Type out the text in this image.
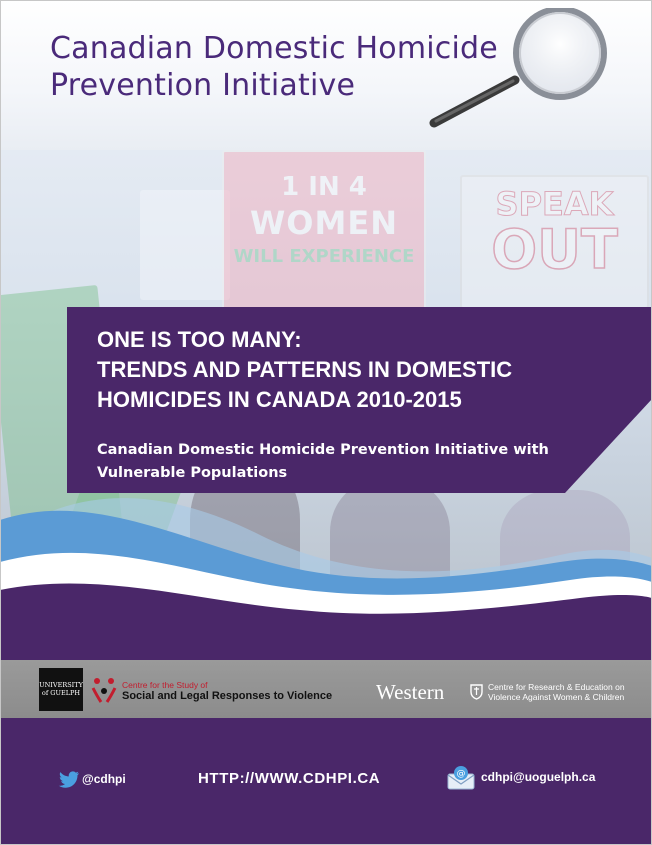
1 IN 4
WOMEN
WILL EXPERIENCE
SPEAK
OUT
Canadian Domestic Homicide
Prevention Initiative
ONE IS TOO MANY:
TRENDS AND PATTERNS IN DOMESTIC
HOMICIDES IN CANADA 2010-2015
Canadian Domestic Homicide Prevention Initiative with Vulnerable Populations
UNIVERSITY
of GUELPH
Centre for the Study of
Social and Legal Responses to Violence Western	Centre for Research & Education on
Violence Against Women & Children
@cdhpi	HTTP://WWW.CDHPI.CA	@ cdhpi@uoguelph.ca
